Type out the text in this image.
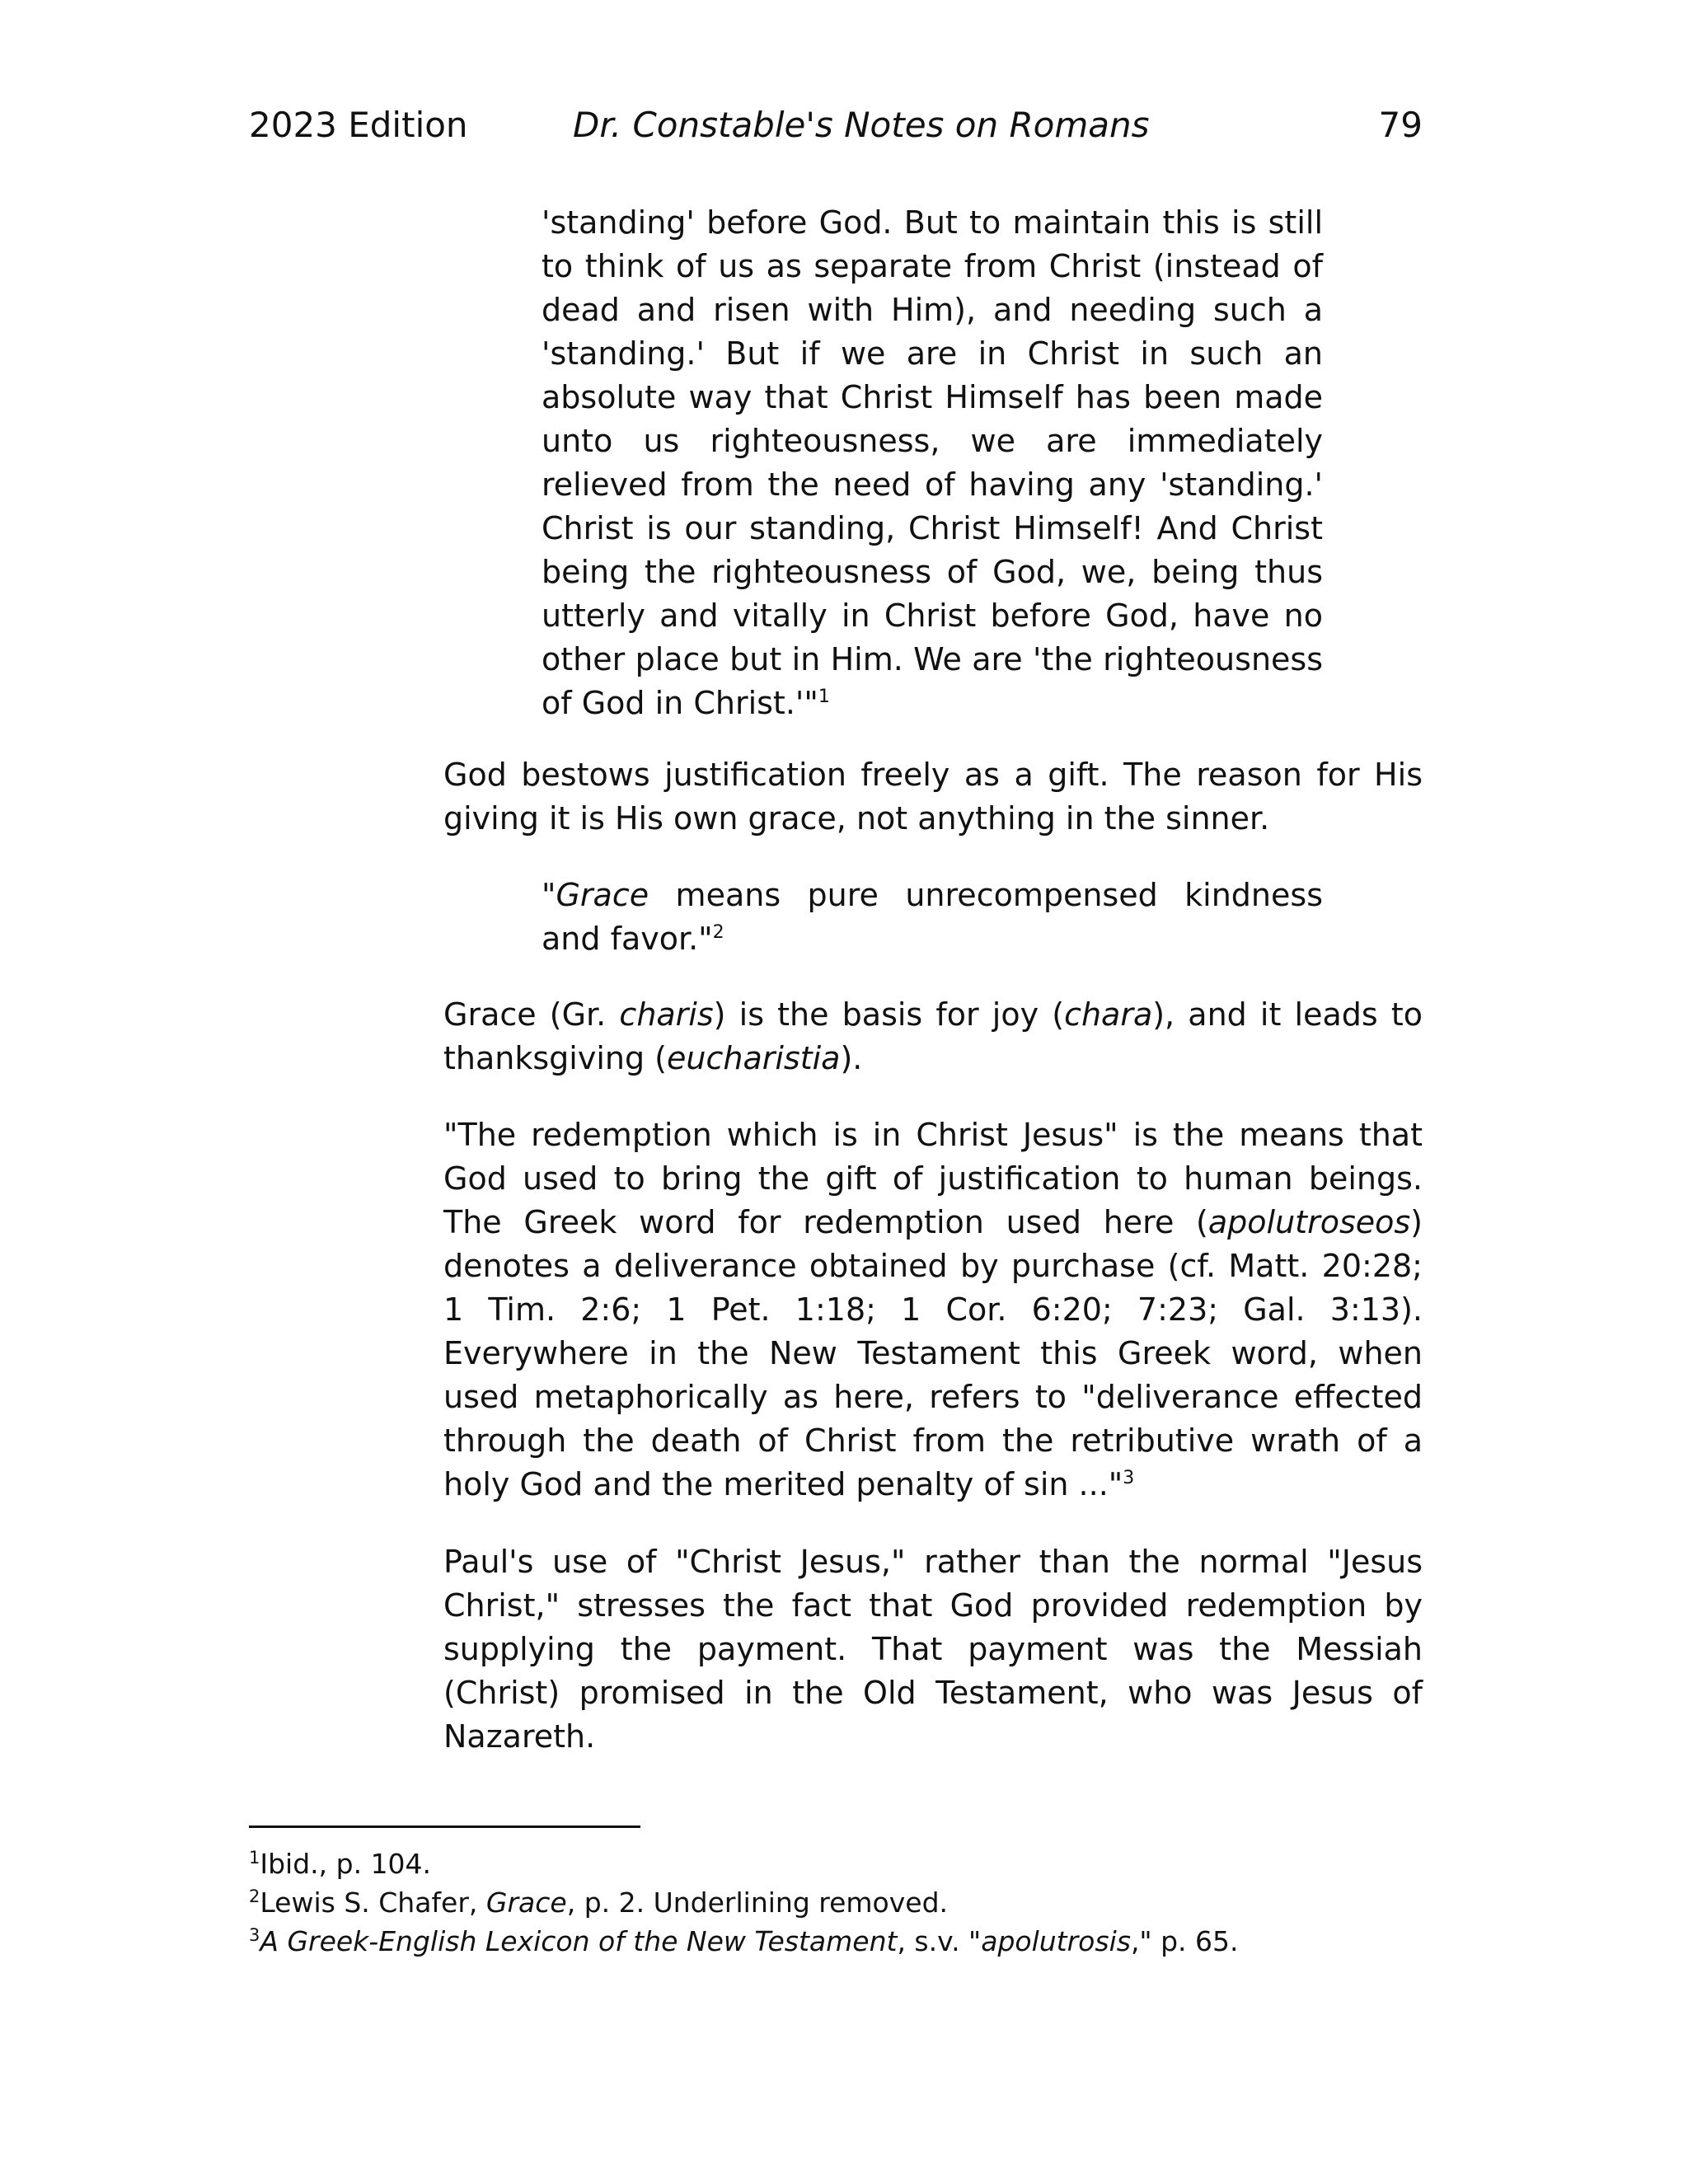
2023 Edition	Dr. Constable's Notes on Romans	79

'standing' before God. But to maintain this is still to think of us as separate from Christ (instead of dead and risen with Him), and needing such a 'standing.' But if we are in Christ in such an absolute way that Christ Himself has been made unto us righteousness, we are immediately relieved from the need of having any 'standing.' Christ is our standing, Christ Himself! And Christ being the righteousness of God, we, being thus utterly and vitally in Christ before God, have no other place but in Him. We are 'the righteousness of God in Christ.'"$^1$

God bestows justification freely as a gift. The reason for His giving it is His own grace, not anything in the sinner.

"Grace means pure unrecompensed kindness and favor."$^2$

Grace (Gr. charis) is the basis for joy (chara), and it leads to thanksgiving (eucharistia).

"The redemption which is in Christ Jesus" is the means that God used to bring the gift of justification to human beings. The Greek word for redemption used here (apolutroseos) denotes a deliverance obtained by purchase (cf. Matt. 20:28; 1 Tim. 2:6; 1 Pet. 1:18; 1 Cor. 6:20; 7:23; Gal. 3:13). Everywhere in the New Testament this Greek word, when used metaphorically as here, refers to "deliverance effected through the death of Christ from the retributive wrath of a holy God and the merited penalty of sin ..."$^3$

Paul's use of "Christ Jesus," rather than the normal "Jesus Christ," stresses the fact that God provided redemption by supplying the payment. That payment was the Messiah (Christ) promised in the Old Testament, who was Jesus of Nazareth.

$^1$Ibid., p. 104.

$^2$Lewis S. Chafer, Grace, p. 2. Underlining removed.

$^3$A Greek-English Lexicon of the New Testament, s.v. "apolutrosis," p. 65.
